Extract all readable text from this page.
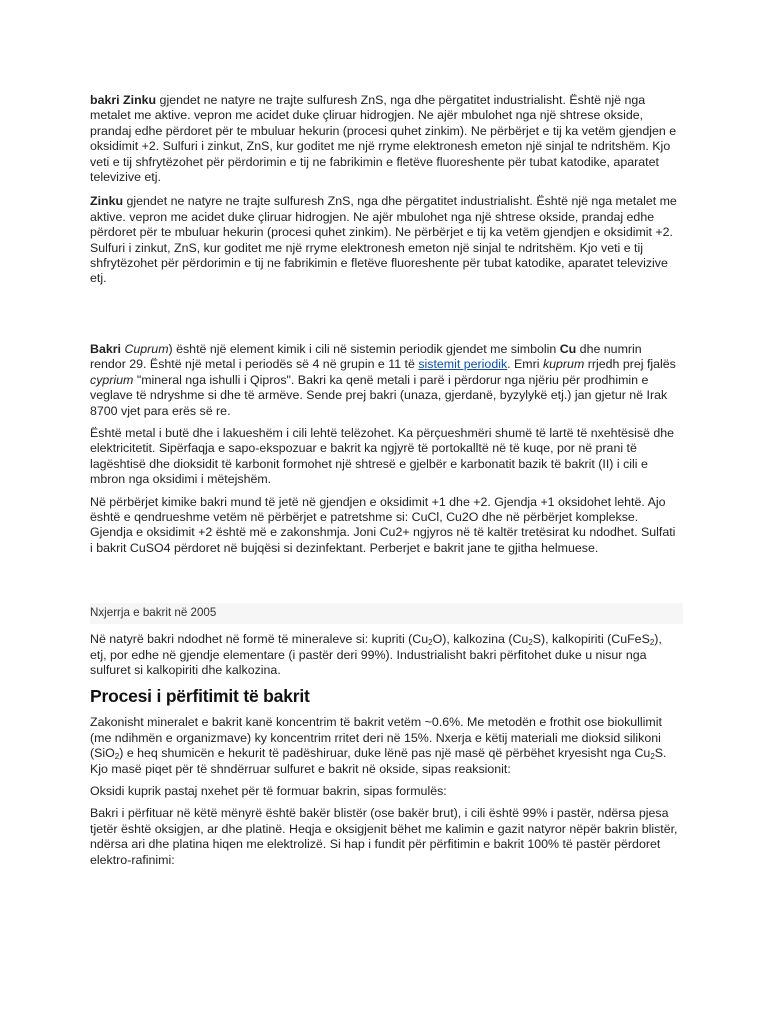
bakri Zinku gjendet ne natyre ne trajte sulfuresh ZnS, nga dhe përgatitet industrialisht. Është një nga metalet me aktive. vepron me acidet duke çliruar hidrogjen. Ne ajër mbulohet nga një shtrese okside, prandaj edhe përdoret për te mbuluar hekurin (procesi quhet zinkim). Ne përbërjet e tij ka vetëm gjendjen e oksidimit +2. Sulfuri i zinkut, ZnS, kur goditet me një rryme elektronesh emeton një sinjal te ndritshëm. Kjo veti e tij shfrytëzohet për përdorimin e tij ne fabrikimin e fletëve fluoreshente për tubat katodike, aparatet televizive etj.

Zinku gjendet ne natyre ne trajte sulfuresh ZnS, nga dhe përgatitet industrialisht. Është një nga metalet me aktive. vepron me acidet duke çliruar hidrogjen. Ne ajër mbulohet nga një shtrese okside, prandaj edhe përdoret për te mbuluar hekurin (procesi quhet zinkim). Ne përbërjet e tij ka vetëm gjendjen e oksidimit +2. Sulfuri i zinkut, ZnS, kur goditet me një rryme elektronesh emeton një sinjal te ndritshëm. Kjo veti e tij shfrytëzohet për përdorimin e tij ne fabrikimin e fletëve fluoreshente për tubat katodike, aparatet televizive etj.

Bakri Cuprum) është një element kimik i cili në sistemin periodik gjendet me simbolin Cu dhe numrin rendor 29. Është një metal i periodës së 4 në grupin e 11 të sistemit periodik. Emri kuprum rrjedh prej fjalës cyprium "mineral nga ishulli i Qipros". Bakri ka qenë metali i parë i përdorur nga njëriu për prodhimin e veglave të ndryshme si dhe të armëve. Sende prej bakri (unaza, gjerdanë, byzylykë etj.) jan gjetur në Irak 8700 vjet para erës së re.

Është metal i butë dhe i lakueshëm i cili lehtë telëzohet. Ka përçueshmëri shumë të lartë të nxehtësisë dhe elektricitetit. Sipërfaqja e sapo-ekspozuar e bakrit ka ngjyrë të portokalltë në të kuqe, por në prani të lagështisë dhe dioksidit të karbonit formohet një shtresë e gjelbër e karbonatit bazik të bakrit (II) i cili e mbron nga oksidimi i mëtejshëm.

Në përbërjet kimike bakri mund të jetë në gjendjen e oksidimit +1 dhe +2. Gjendja +1 oksidohet lehtë. Ajo është e qendrueshme vetëm në përbërjet e patretshme si: CuCl, Cu2O dhe në përbërjet komplekse. Gjendja e oksidimit +2 është më e zakonshmja. Joni Cu2+ ngjyros në të kaltër tretësirat ku ndodhet. Sulfati i bakrit CuSO4 përdoret në bujqësi si dezinfektant. Perberjet e bakrit jane te gjitha helmuese.

Nxjerrja e bakrit në 2005

Në natyrë bakri ndodhet në formë të mineraleve si: kupriti $(Cu_2O)$, kalkozina $(Cu_2S)$, kalkopiriti (CuFeS$_2$), etj, por edhe në gjendje elementare (i pastër deri 99%). Industrialisht bakri përfitohet duke u nisur nga sulfuret si kalkopiriti dhe kalkozina.

Procesi i përfitimit të bakrit

Zakonisht mineralet e bakrit kanë koncentrim të bakrit vetëm ~0.6%. Me metodën e frothit ose biokullimit (me ndihmën e organizmave) ky koncentrim rritet deri në 15%. Nxerja e këtij materiali me dioksid silikoni (SiO$_2$) e heq shumicën e hekurit të padëshiruar, duke lënë pas një masë që përbëhet kryesisht nga $Cu_2S$. Kjo masë piqet për të shndërruar sulfuret e bakrit në okside, sipas reaksionit:

Oksidi kuprik pastaj nxehet për të formuar bakrin, sipas formulës:

Bakri i përfituar në këtë mënyrë është bakër blistër (ose bakër brut), i cili është 99% i pastër, ndërsa pjesa tjetër është oksigjen, ar dhe platinë. Heqja e oksigjenit bëhet me kalimin e gazit natyror nëpër bakrin blistër, ndërsa ari dhe platina hiqen me elektrolizë. Si hap i fundit për përfitimin e bakrit 100% të pastër përdoret elektro-rafinimi:
